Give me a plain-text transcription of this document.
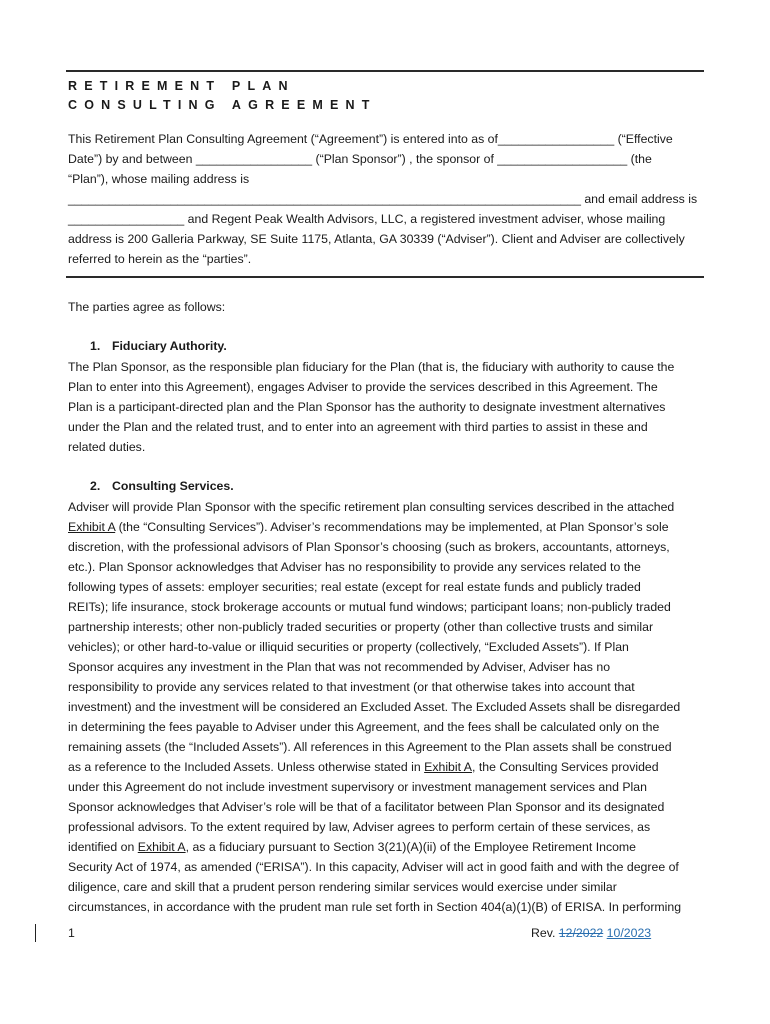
RETIREMENT PLAN
CONSULTING AGREEMENT
This Retirement Plan Consulting Agreement (“Agreement”) is entered into as of_________________ (“Effective
Date”) by and between _________________ (“Plan Sponsor”) , the sponsor of ___________________ (the
“Plan”), whose mailing address is
___________________________________________________________________________ and email address is
_________________ and Regent Peak Wealth Advisors, LLC, a registered investment adviser, whose mailing
address is 200 Galleria Parkway, SE Suite 1175, Atlanta, GA 30339 (“Adviser”). Client and Adviser are collectively
referred to herein as the “parties”.
The parties agree as follows:
1. Fiduciary Authority.
The Plan Sponsor, as the responsible plan fiduciary for the Plan (that is, the fiduciary with authority to cause the
Plan to enter into this Agreement), engages Adviser to provide the services described in this Agreement. The
Plan is a participant-directed plan and the Plan Sponsor has the authority to designate investment alternatives
under the Plan and the related trust, and to enter into an agreement with third parties to assist in these and
related duties.
2. Consulting Services.
Adviser will provide Plan Sponsor with the specific retirement plan consulting services described in the attached
Exhibit A (the “Consulting Services”). Adviser’s recommendations may be implemented, at Plan Sponsor’s sole
discretion, with the professional advisors of Plan Sponsor’s choosing (such as brokers, accountants, attorneys,
etc.). Plan Sponsor acknowledges that Adviser has no responsibility to provide any services related to the
following types of assets: employer securities; real estate (except for real estate funds and publicly traded
REITs); life insurance, stock brokerage accounts or mutual fund windows; participant loans; non-publicly traded
partnership interests; other non-publicly traded securities or property (other than collective trusts and similar
vehicles); or other hard-to-value or illiquid securities or property (collectively, “Excluded Assets”). If Plan
Sponsor acquires any investment in the Plan that was not recommended by Adviser, Adviser has no
responsibility to provide any services related to that investment (or that otherwise takes into account that
investment) and the investment will be considered an Excluded Asset. The Excluded Assets shall be disregarded
in determining the fees payable to Adviser under this Agreement, and the fees shall be calculated only on the
remaining assets (the “Included Assets”). All references in this Agreement to the Plan assets shall be construed
as a reference to the Included Assets. Unless otherwise stated in Exhibit A, the Consulting Services provided
under this Agreement do not include investment supervisory or investment management services and Plan
Sponsor acknowledges that Adviser’s role will be that of a facilitator between Plan Sponsor and its designated
professional advisors. To the extent required by law, Adviser agrees to perform certain of these services, as
identified on Exhibit A, as a fiduciary pursuant to Section 3(21)(A)(ii) of the Employee Retirement Income
Security Act of 1974, as amended (“ERISA”). In this capacity, Adviser will act in good faith and with the degree of
diligence, care and skill that a prudent person rendering similar services would exercise under similar
circumstances, in accordance with the prudent man rule set forth in Section 404(a)(1)(B) of ERISA. In performing
1	Rev. 12/2022 10/2023
